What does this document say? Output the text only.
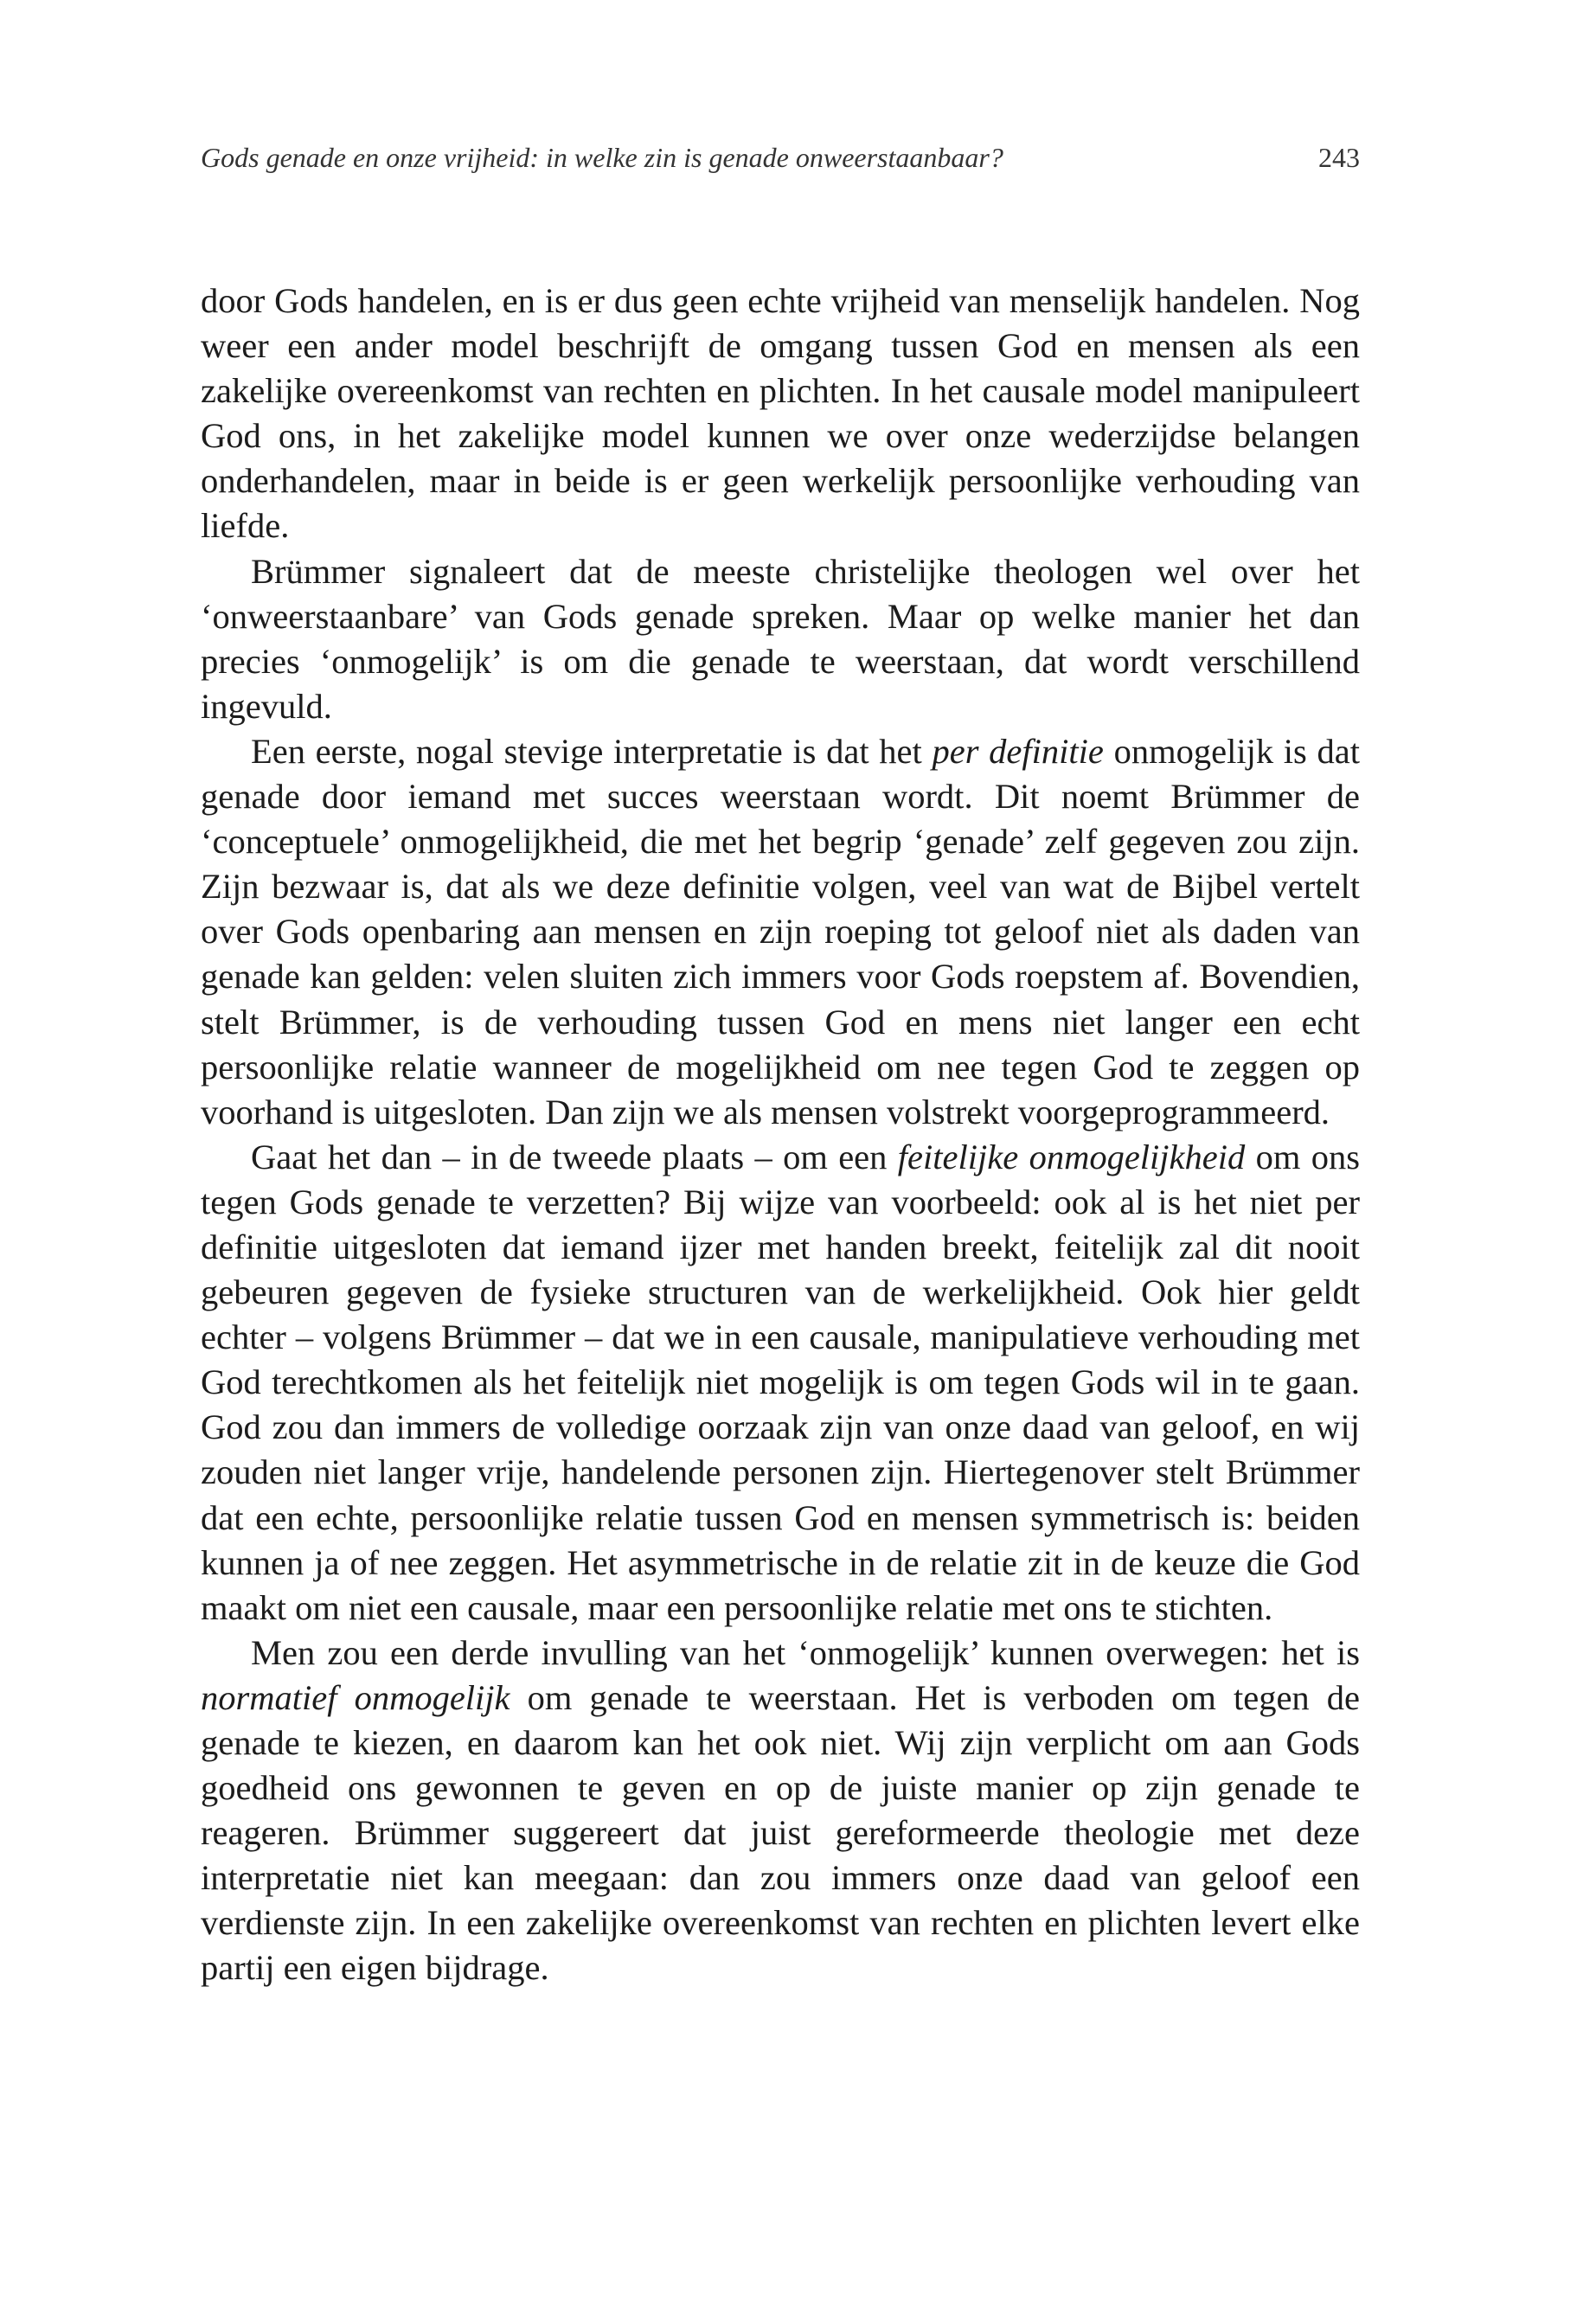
Gods genade en onze vrijheid: in welke zin is genade onweerstaanbaar?	243

door Gods handelen, en is er dus geen echte vrijheid van menselijk handelen. Nog weer een ander model beschrijft de omgang tussen God en mensen als een zakelijke overeenkomst van rechten en plichten. In het causale model manipuleert God ons, in het zakelijke model kunnen we over onze wederzijdse belangen onderhandelen, maar in beide is er geen werkelijk persoonlijke verhouding van liefde.

Brümmer signaleert dat de meeste christelijke theologen wel over het ‘onweerstaanbare’ van Gods genade spreken. Maar op welke manier het dan precies ‘onmogelijk’ is om die genade te weerstaan, dat wordt verschillend ingevuld.

Een eerste, nogal stevige interpretatie is dat het per definitie onmogelijk is dat genade door iemand met succes weerstaan wordt. Dit noemt Brümmer de ‘conceptuele’ onmogelijkheid, die met het begrip ‘genade’ zelf gegeven zou zijn. Zijn bezwaar is, dat als we deze definitie volgen, veel van wat de Bijbel vertelt over Gods openbaring aan mensen en zijn roeping tot geloof niet als daden van genade kan gelden: velen sluiten zich immers voor Gods roepstem af. Bovendien, stelt Brümmer, is de verhouding tussen God en mens niet langer een echt persoonlijke relatie wanneer de mogelijkheid om nee tegen God te zeggen op voorhand is uitgesloten. Dan zijn we als mensen volstrekt voorgeprogrammeerd.

Gaat het dan – in de tweede plaats – om een feitelijke onmogelijkheid om ons tegen Gods genade te verzetten? Bij wijze van voorbeeld: ook al is het niet per definitie uitgesloten dat iemand ijzer met handen breekt, feitelijk zal dit nooit gebeuren gegeven de fysieke structuren van de werkelijkheid. Ook hier geldt echter – volgens Brümmer – dat we in een causale, manipulatieve verhouding met God terechtkomen als het feitelijk niet mogelijk is om tegen Gods wil in te gaan. God zou dan immers de volledige oorzaak zijn van onze daad van geloof, en wij zouden niet langer vrije, handelende personen zijn. Hiertegenover stelt Brümmer dat een echte, persoonlijke relatie tussen God en mensen symmetrisch is: beiden kunnen ja of nee zeggen. Het asymmetrische in de relatie zit in de keuze die God maakt om niet een causale, maar een persoonlijke relatie met ons te stichten.

Men zou een derde invulling van het ‘onmogelijk’ kunnen overwegen: het is normatief onmogelijk om genade te weerstaan. Het is verboden om tegen de genade te kiezen, en daarom kan het ook niet. Wij zijn verplicht om aan Gods goedheid ons gewonnen te geven en op de juiste manier op zijn genade te reageren. Brümmer suggereert dat juist gereformeerde theologie met deze interpretatie niet kan meegaan: dan zou immers onze daad van geloof een verdienste zijn. In een zakelijke overeenkomst van rechten en plichten levert elke partij een eigen bijdrage.
